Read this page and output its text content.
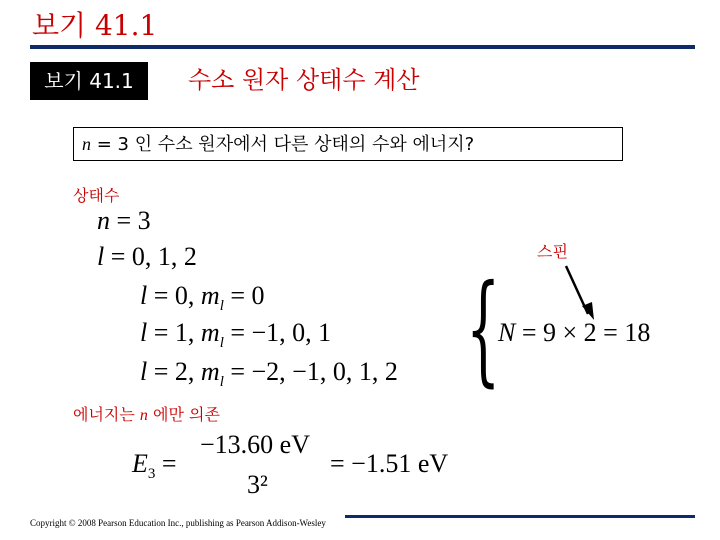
보기 41.1
보기 41.1	수소 원자 상태수 계산
n = 3 인 수소 원자에서 다른 상태의 수와 에너지?
상태수
n = 3
l = 0, 1, 2	스핀
l = 0, $m_l = 0$
l = 1, $m_l = -1$, 0, 1
l = 2, $m_l = -2$, −1, 0, 1, 2 {
N = 9 × 2 = 18
에너지는 n 에만 의존
$E_3$ =
−13.60 eV
3²
= −1.51 eV
Copyright © 2008 Pearson Education Inc., publishing as Pearson Addison-Wesley
